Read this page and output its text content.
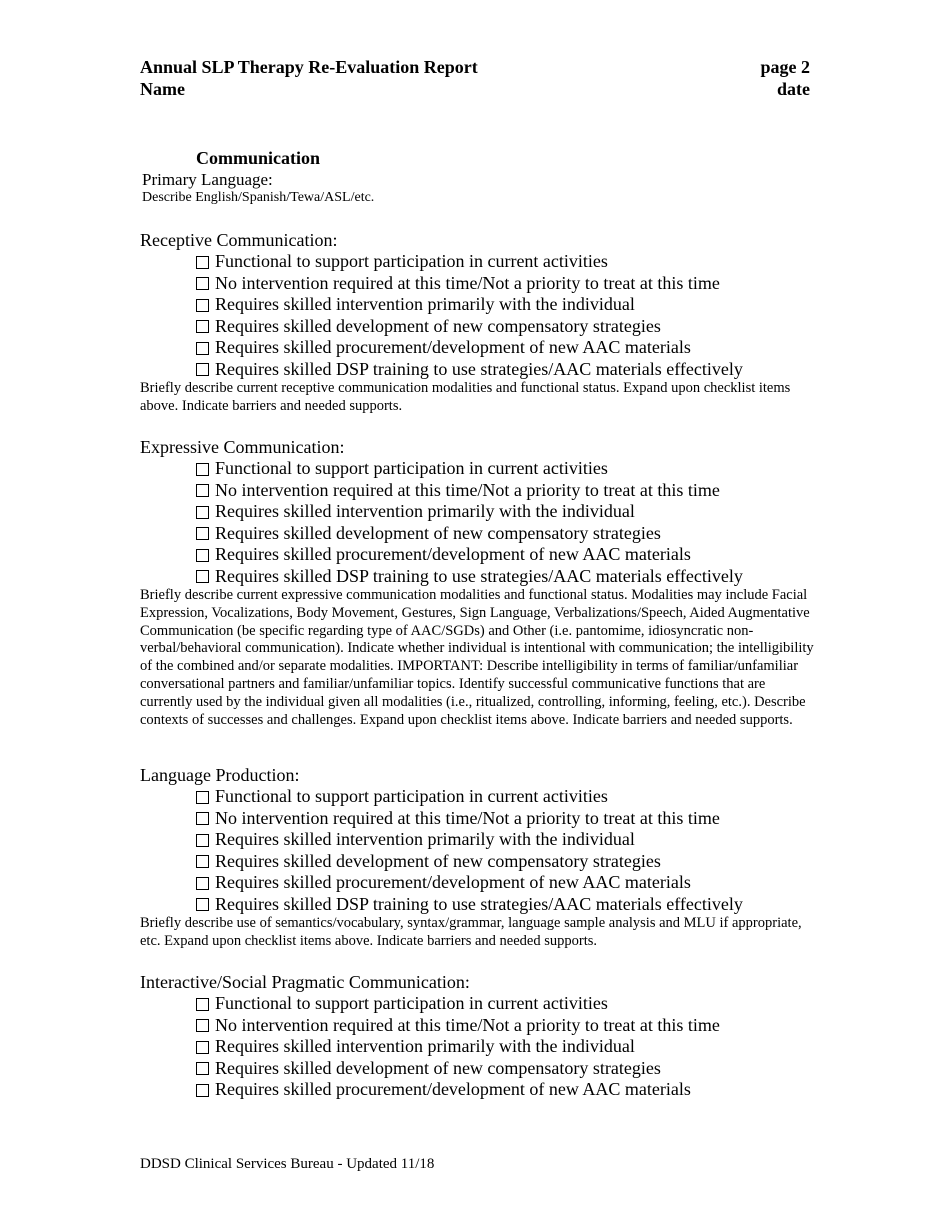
Annual SLP Therapy Re-Evaluation Report
Name
page 2
date
Communication
Primary Language:
Describe English/Spanish/Tewa/ASL/etc.
Receptive Communication:
Functional to support participation in current activities
No intervention required at this time/Not a priority to treat at this time
Requires skilled intervention primarily with the individual
Requires skilled development of new compensatory strategies
Requires skilled procurement/development of new AAC materials
Requires skilled DSP training to use strategies/AAC materials effectively
Briefly describe current receptive communication modalities and functional status. Expand upon checklist items above. Indicate barriers and needed supports.
Expressive Communication:
Functional to support participation in current activities
No intervention required at this time/Not a priority to treat at this time
Requires skilled intervention primarily with the individual
Requires skilled development of new compensatory strategies
Requires skilled procurement/development of new AAC materials
Requires skilled DSP training to use strategies/AAC materials effectively
Briefly describe current expressive communication modalities and functional status. Modalities may include Facial Expression, Vocalizations, Body Movement, Gestures, Sign Language, Verbalizations/Speech, Aided Augmentative Communication (be specific regarding type of AAC/SGDs) and Other (i.e. pantomime, idiosyncratic non-verbal/behavioral communication). Indicate whether individual is intentional with communication; the intelligibility of the combined and/or separate modalities. IMPORTANT: Describe intelligibility in terms of familiar/unfamiliar conversational partners and familiar/unfamiliar topics. Identify successful communicative functions that are currently used by the individual given all modalities (i.e., ritualized, controlling, informing, feeling, etc.). Describe contexts of successes and challenges. Expand upon checklist items above. Indicate barriers and needed supports.
Language Production:
Functional to support participation in current activities
No intervention required at this time/Not a priority to treat at this time
Requires skilled intervention primarily with the individual
Requires skilled development of new compensatory strategies
Requires skilled procurement/development of new AAC materials
Requires skilled DSP training to use strategies/AAC materials effectively
Briefly describe use of semantics/vocabulary, syntax/grammar, language sample analysis and MLU if appropriate, etc. Expand upon checklist items above. Indicate barriers and needed supports.
Interactive/Social Pragmatic Communication:
Functional to support participation in current activities
No intervention required at this time/Not a priority to treat at this time
Requires skilled intervention primarily with the individual
Requires skilled development of new compensatory strategies
Requires skilled procurement/development of new AAC materials
DDSD Clinical Services Bureau - Updated 11/18
